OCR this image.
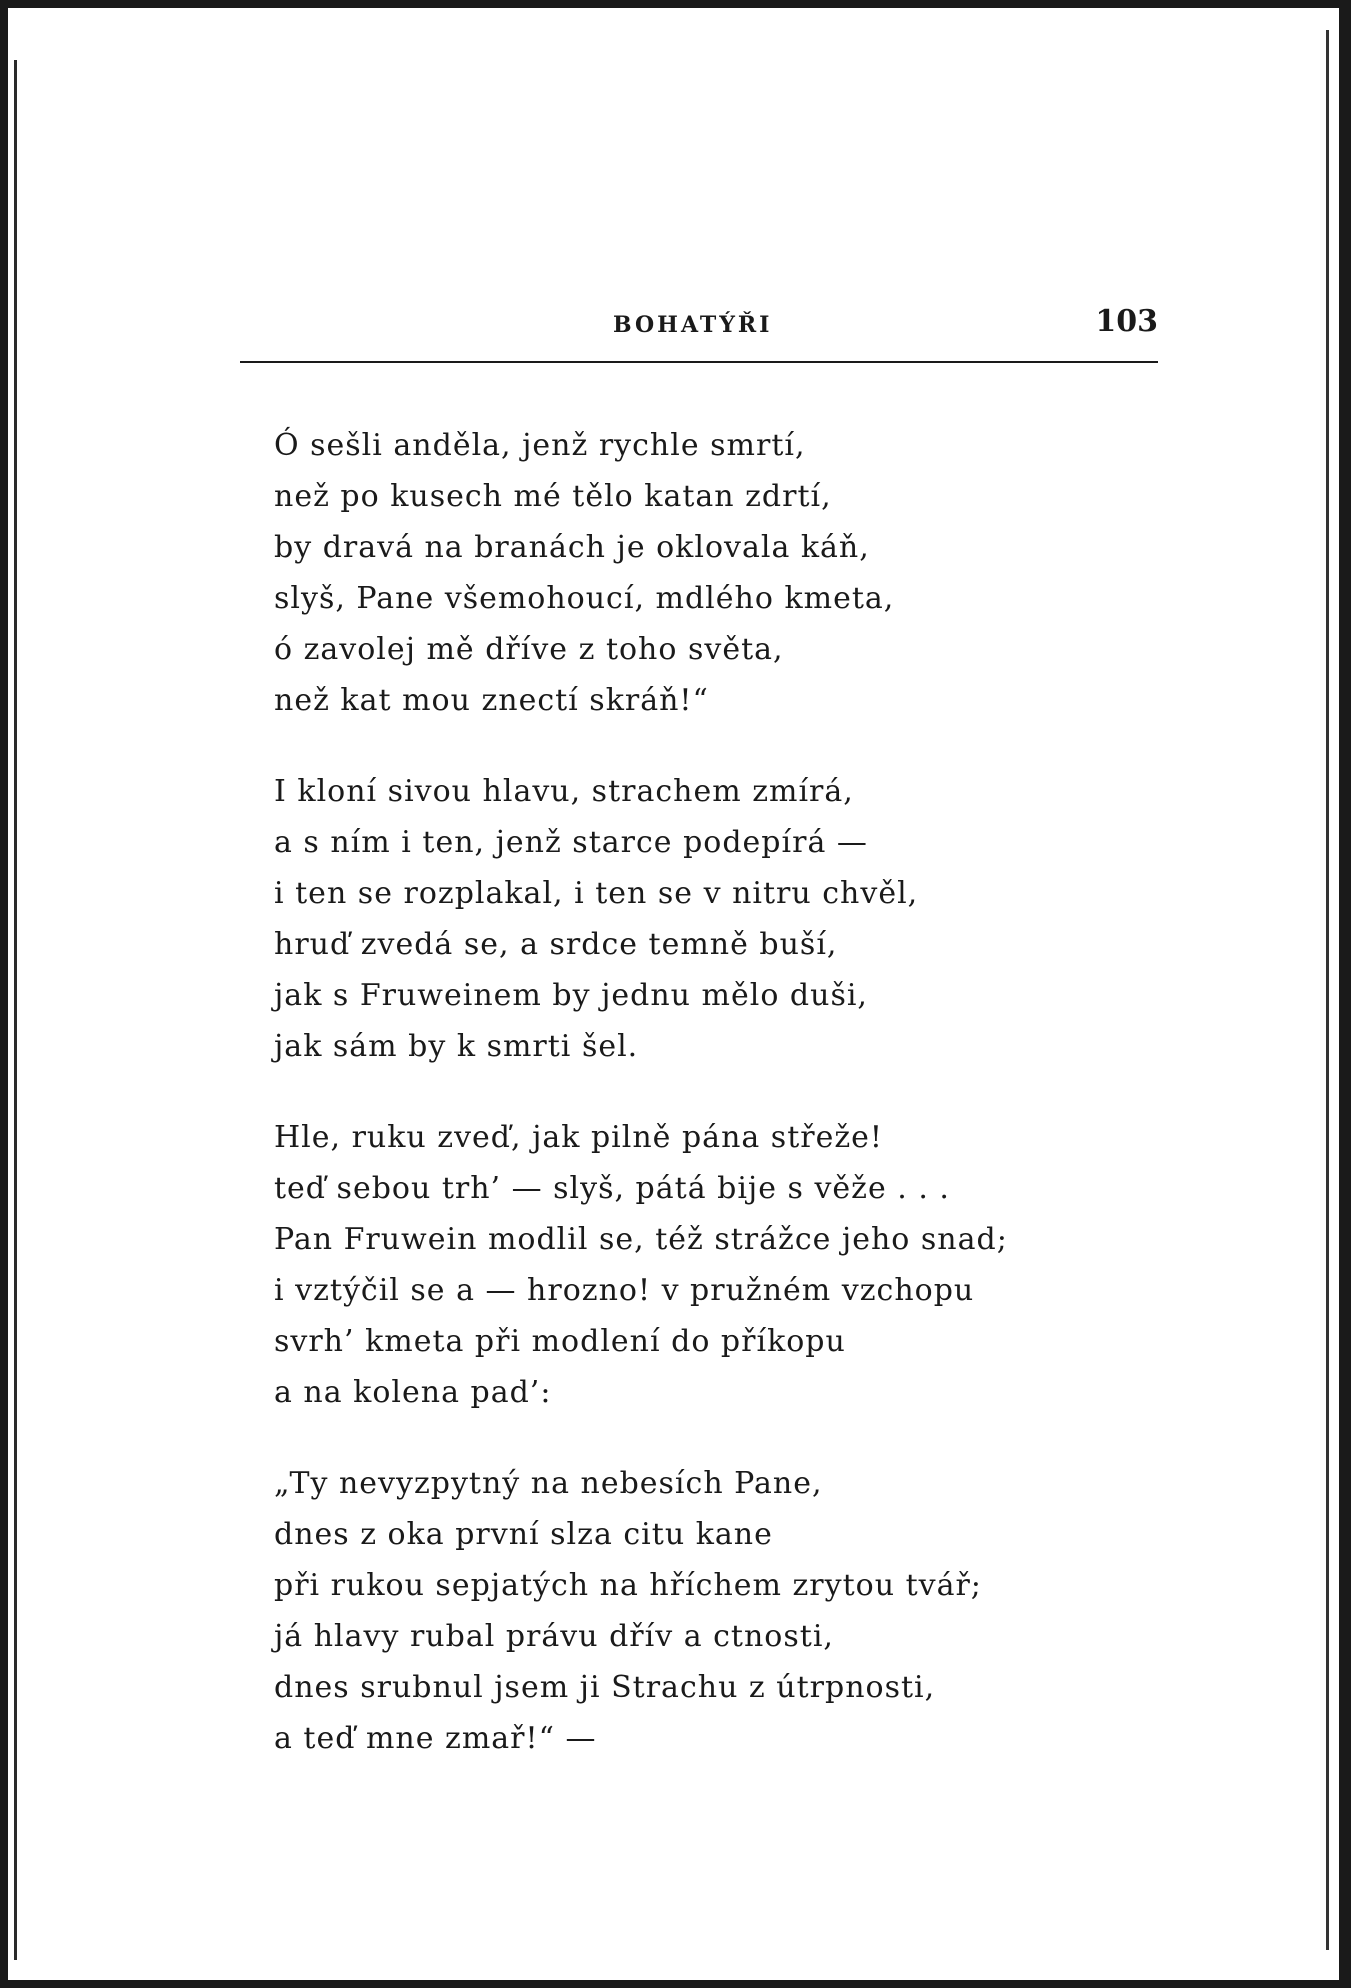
BOHATÝŘI	103
Ó sešli anděla, jenž rychle smrtí,
než po kusech mé tělo katan zdrtí,
by dravá na branách je oklovala káň,
slyš, Pane všemohoucí, mdlého kmeta,
ó zavolej mě dříve z toho světa,
než kat mou znectí skráň!“
I kloní sivou hlavu, strachem zmírá,
a s ním i ten, jenž starce podepírá —
i ten se rozplakal, i ten se v nitru chvěl,
hruď zvedá se, a srdce temně buší,
jak s Fruweinem by jednu mělo duši,
jak sám by k smrti šel.
Hle, ruku zveď, jak pilně pána střeže!
teď sebou trh’ — slyš, pátá bije s věže . . .
Pan Fruwein modlil se, též strážce jeho snad;
i vztýčil se a — hrozno! v pružném vzchopu
svrh’ kmeta při modlení do příkopu
a na kolena pad’:
„Ty nevyzpytný na nebesích Pane,
dnes z oka první slza citu kane
při rukou sepjatých na hříchem zrytou tvář;
já hlavy rubal právu dřív a ctnosti,
dnes srubnul jsem ji Strachu z útrpnosti,
a teď mne zmař!“ —
